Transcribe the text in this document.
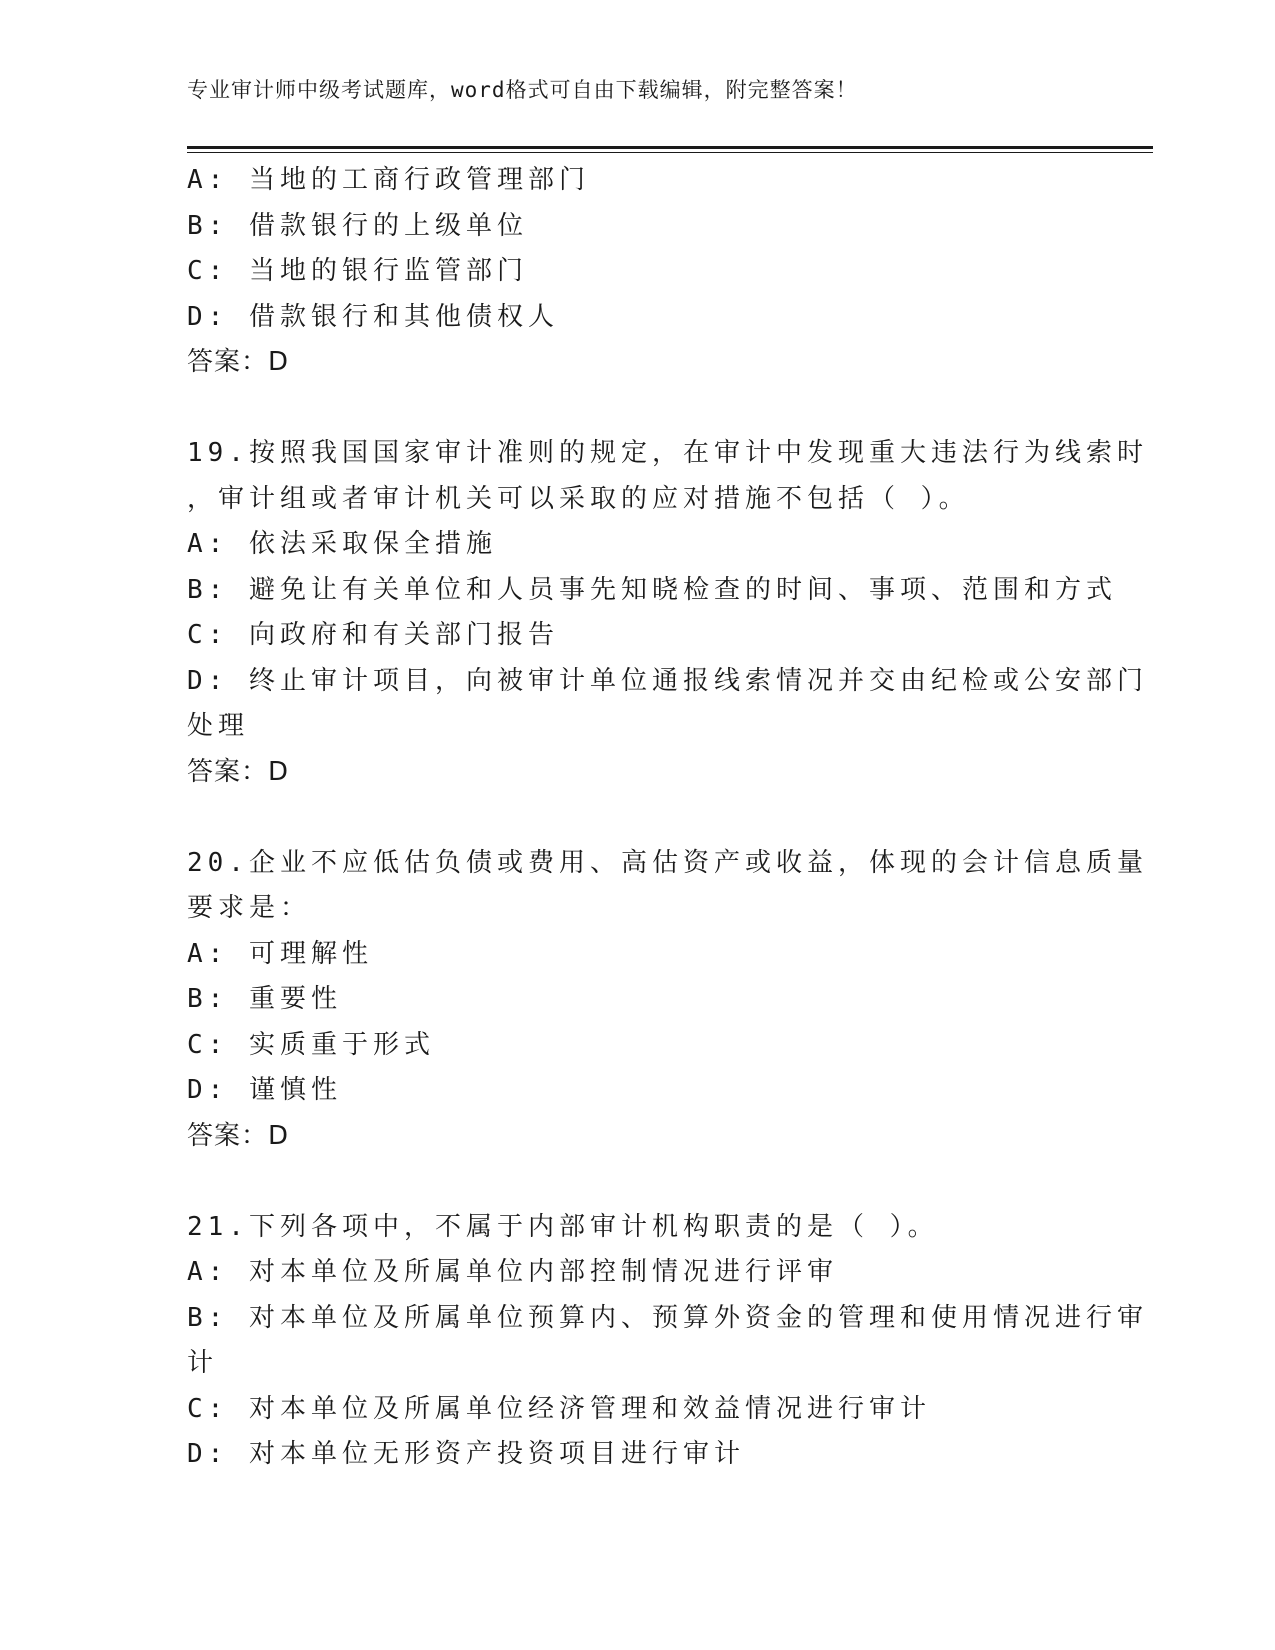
专业审计师中级考试题库，word格式可自由下载编辑，附完整答案！
A: 当地的工商行政管理部门
B: 借款银行的上级单位
C: 当地的银行监管部门
D: 借款银行和其他债权人
答案：D
19.按照我国国家审计准则的规定，在审计中发现重大违法行为线索时
，审计组或者审计机关可以采取的应对措施不包括（ ）。
A: 依法采取保全措施
B: 避免让有关单位和人员事先知晓检查的时间、事项、范围和方式
C: 向政府和有关部门报告
D: 终止审计项目，向被审计单位通报线索情况并交由纪检或公安部门
处理
答案：D
20.企业不应低估负债或费用、高估资产或收益，体现的会计信息质量
要求是：
A: 可理解性
B: 重要性
C: 实质重于形式
D: 谨慎性
答案：D
21.下列各项中，不属于内部审计机构职责的是（ ）。
A: 对本单位及所属单位内部控制情况进行评审
B: 对本单位及所属单位预算内、预算外资金的管理和使用情况进行审
计
C: 对本单位及所属单位经济管理和效益情况进行审计
D: 对本单位无形资产投资项目进行审计
